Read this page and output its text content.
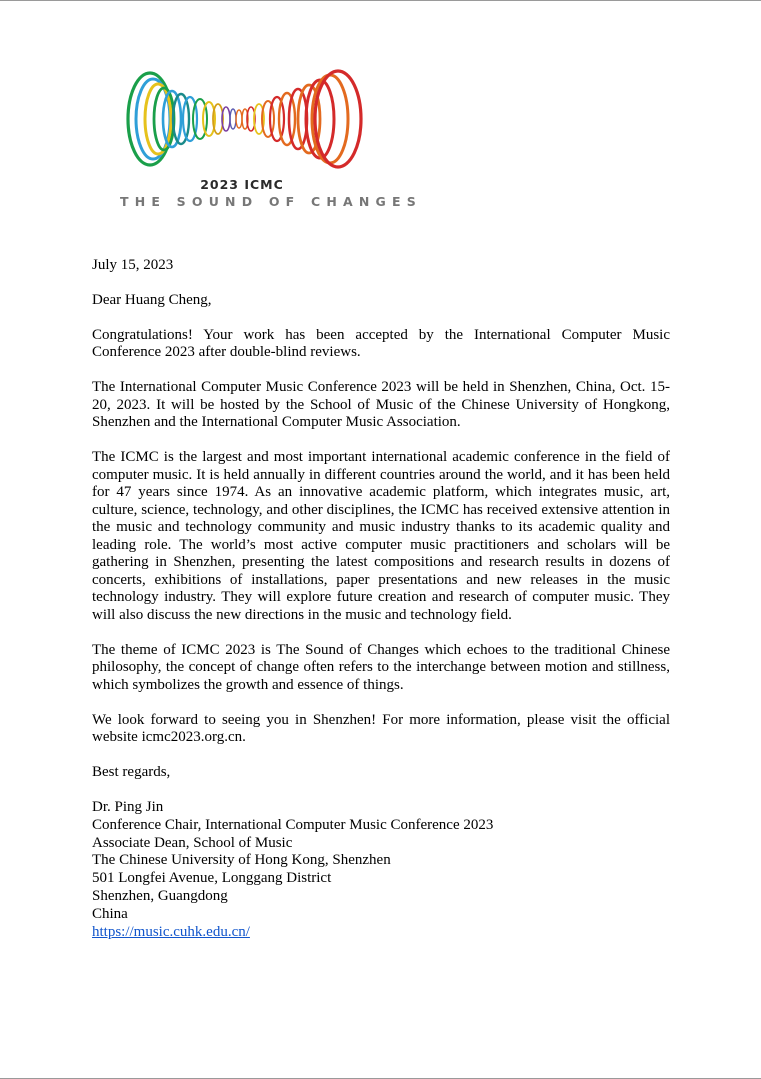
2023 ICMC
THE SOUND OF CHANGES

July 15, 2023

Dear Huang Cheng,

Congratulations! Your work has been accepted by the International Computer Music Conference 2023 after double-blind reviews.

The International Computer Music Conference 2023 will be held in Shenzhen, China, Oct. 15-20, 2023. It will be hosted by the School of Music of the Chinese University of Hongkong, Shenzhen and the International Computer Music Association.

The ICMC is the largest and most important international academic conference in the field of computer music. It is held annually in different countries around the world, and it has been held for 47 years since 1974. As an innovative academic platform, which integrates music, art, culture, science, technology, and other disciplines, the ICMC has received extensive attention in the music and technology community and music industry thanks to its academic quality and leading role. The world’s most active computer music practitioners and scholars will be gathering in Shenzhen, presenting the latest compositions and research results in dozens of concerts, exhibitions of installations, paper presentations and new releases in the music technology industry. They will explore future creation and research of computer music. They will also discuss the new directions in the music and technology field.

The theme of ICMC 2023 is The Sound of Changes which echoes to the traditional Chinese philosophy, the concept of change often refers to the interchange between motion and stillness, which symbolizes the growth and essence of things.

We look forward to seeing you in Shenzhen! For more information, please visit the official website icmc2023.org.cn.

Best regards,

Dr. Ping Jin
Conference Chair, International Computer Music Conference 2023
Associate Dean, School of Music
The Chinese University of Hong Kong, Shenzhen
501 Longfei Avenue, Longgang District
Shenzhen, Guangdong
China
https://music.cuhk.edu.cn/
